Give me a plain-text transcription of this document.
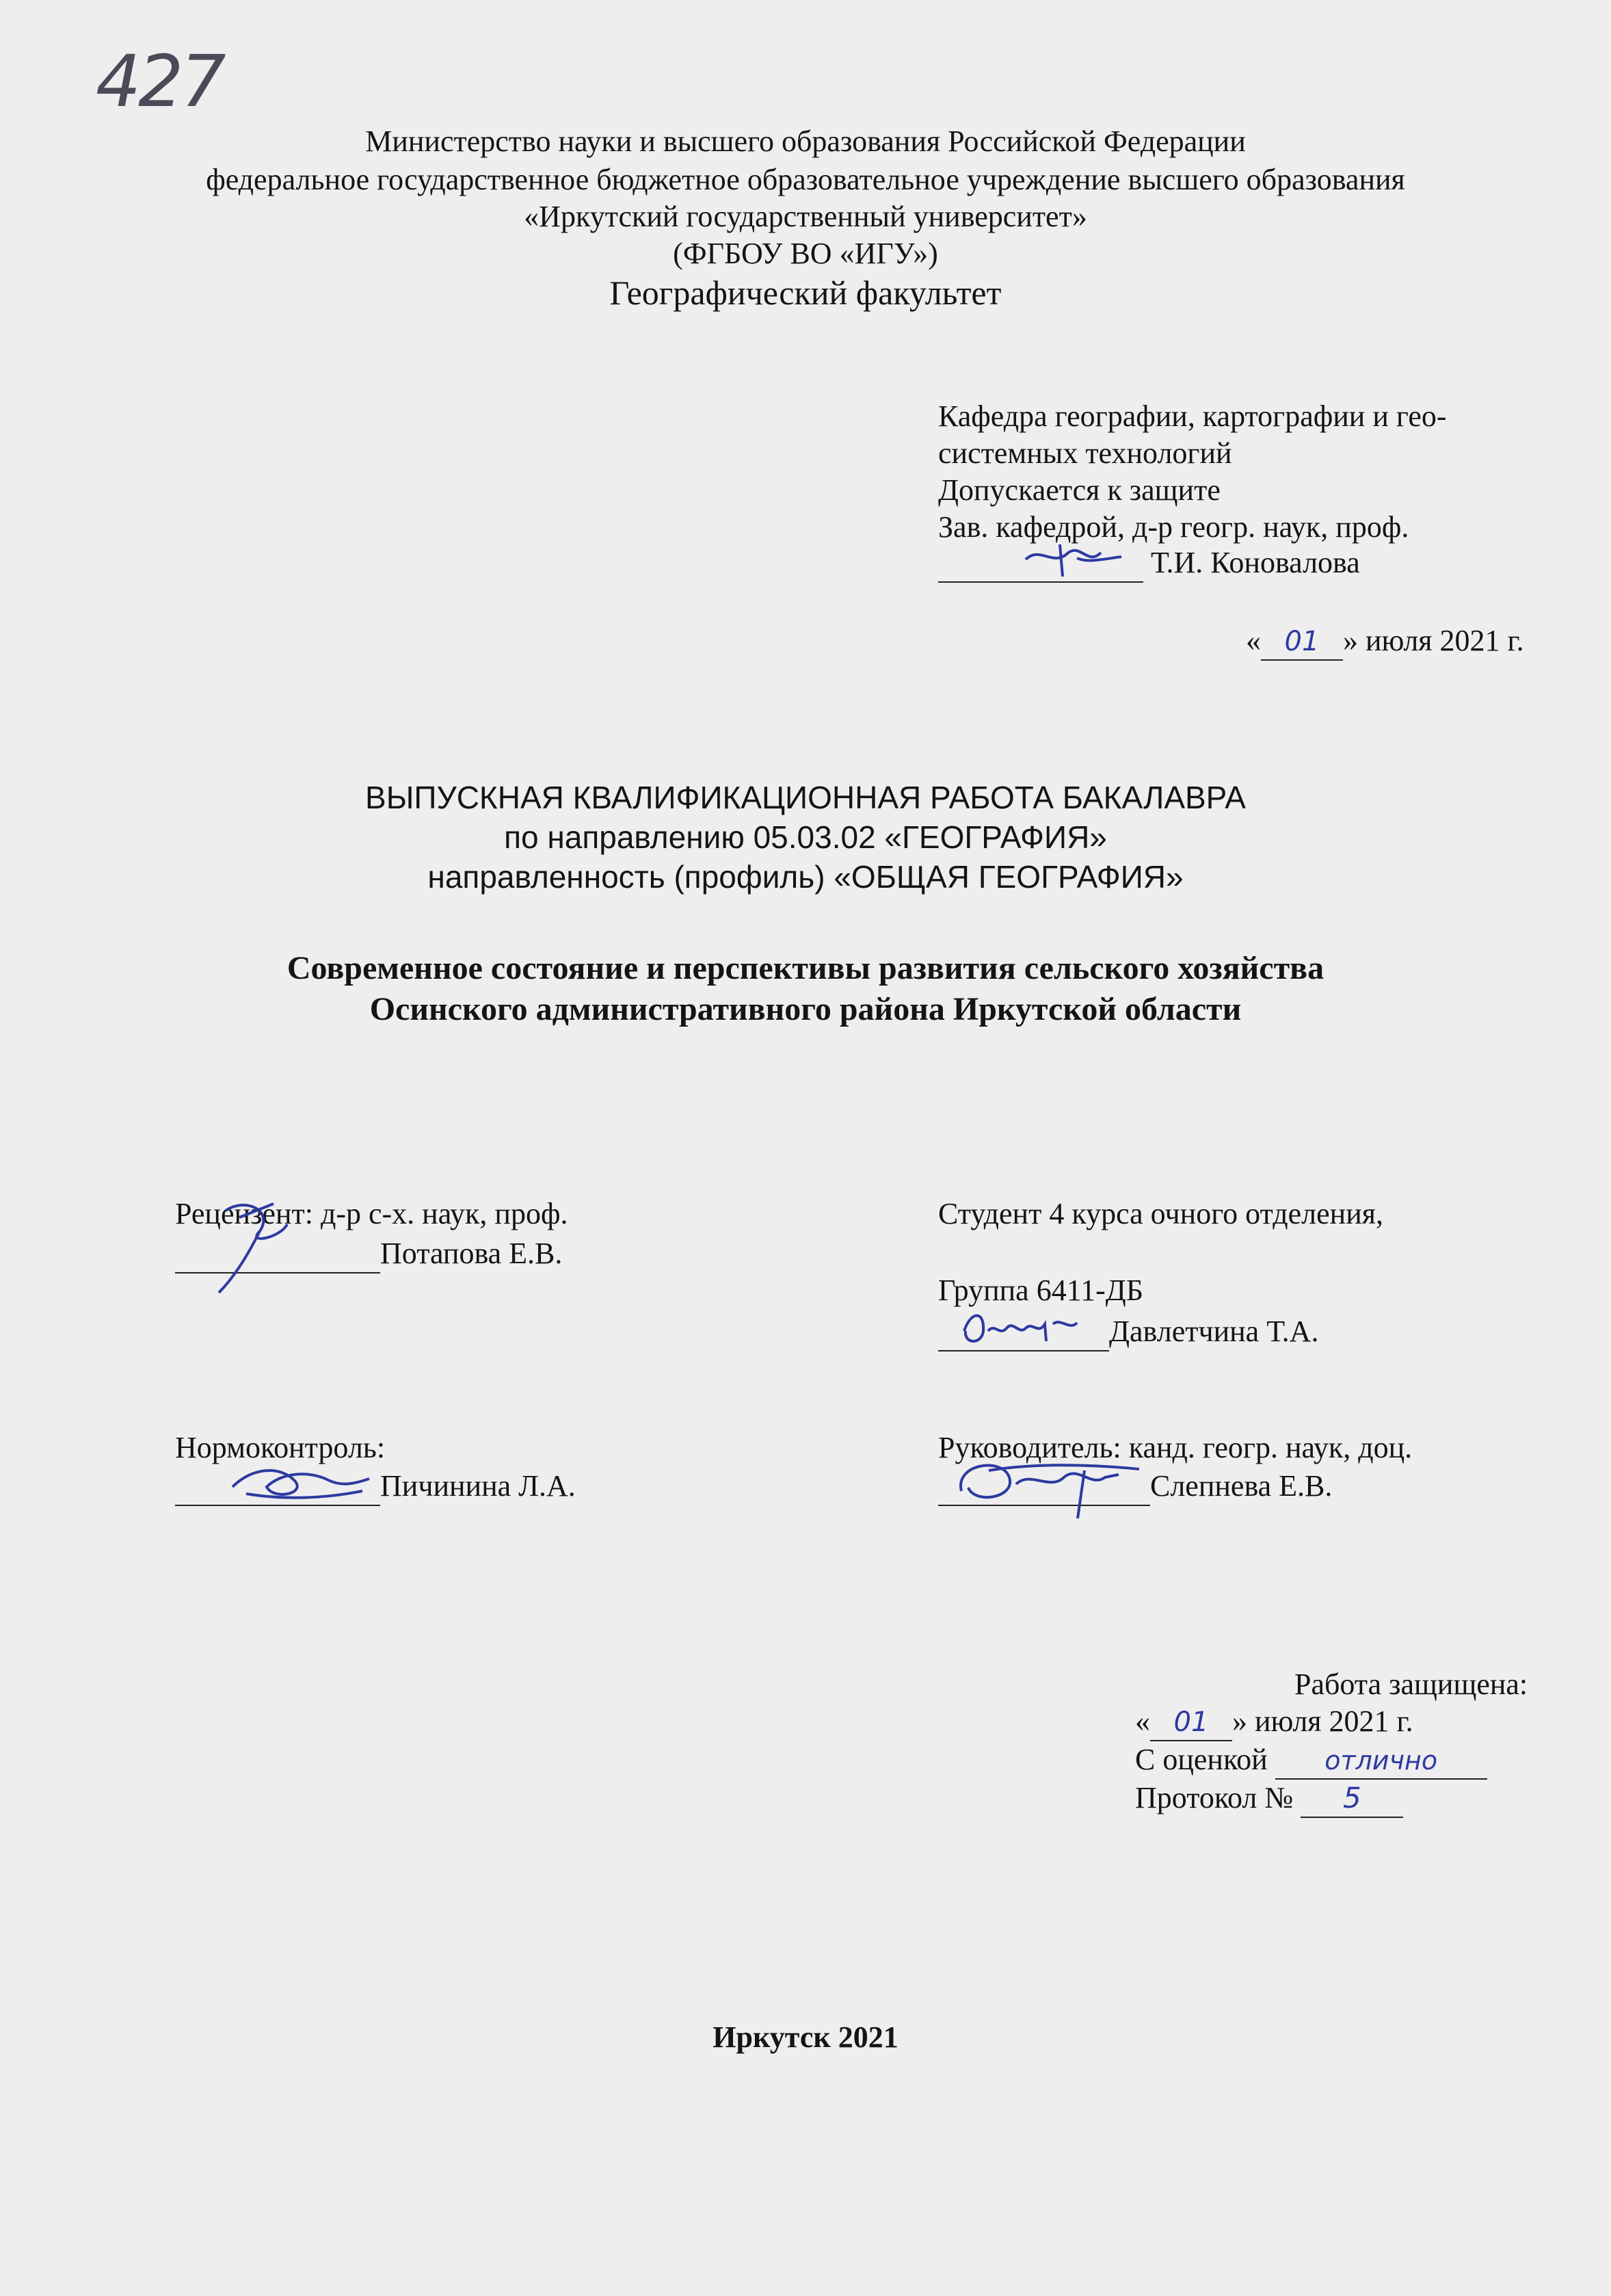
427
Министерство науки и высшего образования Российской Федерации
федеральное государственное бюджетное образовательное учреждение высшего образования
«Иркутский государственный университет»
(ФГБОУ ВО «ИГУ»)
Географический факультет
Кафедра географии, картографии и гео-
системных технологий
Допускается к защите
Зав. кафедрой, д-р геогр. наук, проф.
Т.И. Коновалова
« 01 » июля 2021 г.
ВЫПУСКНАЯ КВАЛИФИКАЦИОННАЯ РАБОТА БАКАЛАВРА
по направлению 05.03.02 «ГЕОГРАФИЯ»
направленность (профиль) «ОБЩАЯ ГЕОГРАФИЯ»
Современное состояние и перспективы развития сельского хозяйства
Осинского административного района Иркутской области
Рецензент: д-р с-х. наук, проф.
Потапова Е.В.
Студент 4 курса очного отделения,
Группа 6411-ДБ
Давлетчина Т.А.
Нормоконтроль:
Пичинина Л.А.
Руководитель: канд. геогр. наук, доц.
Слепнева Е.В.
Работа защищена:
« 01 » июля 2021 г.
С оценкой отлично
Протокол № 5
Иркутск 2021
